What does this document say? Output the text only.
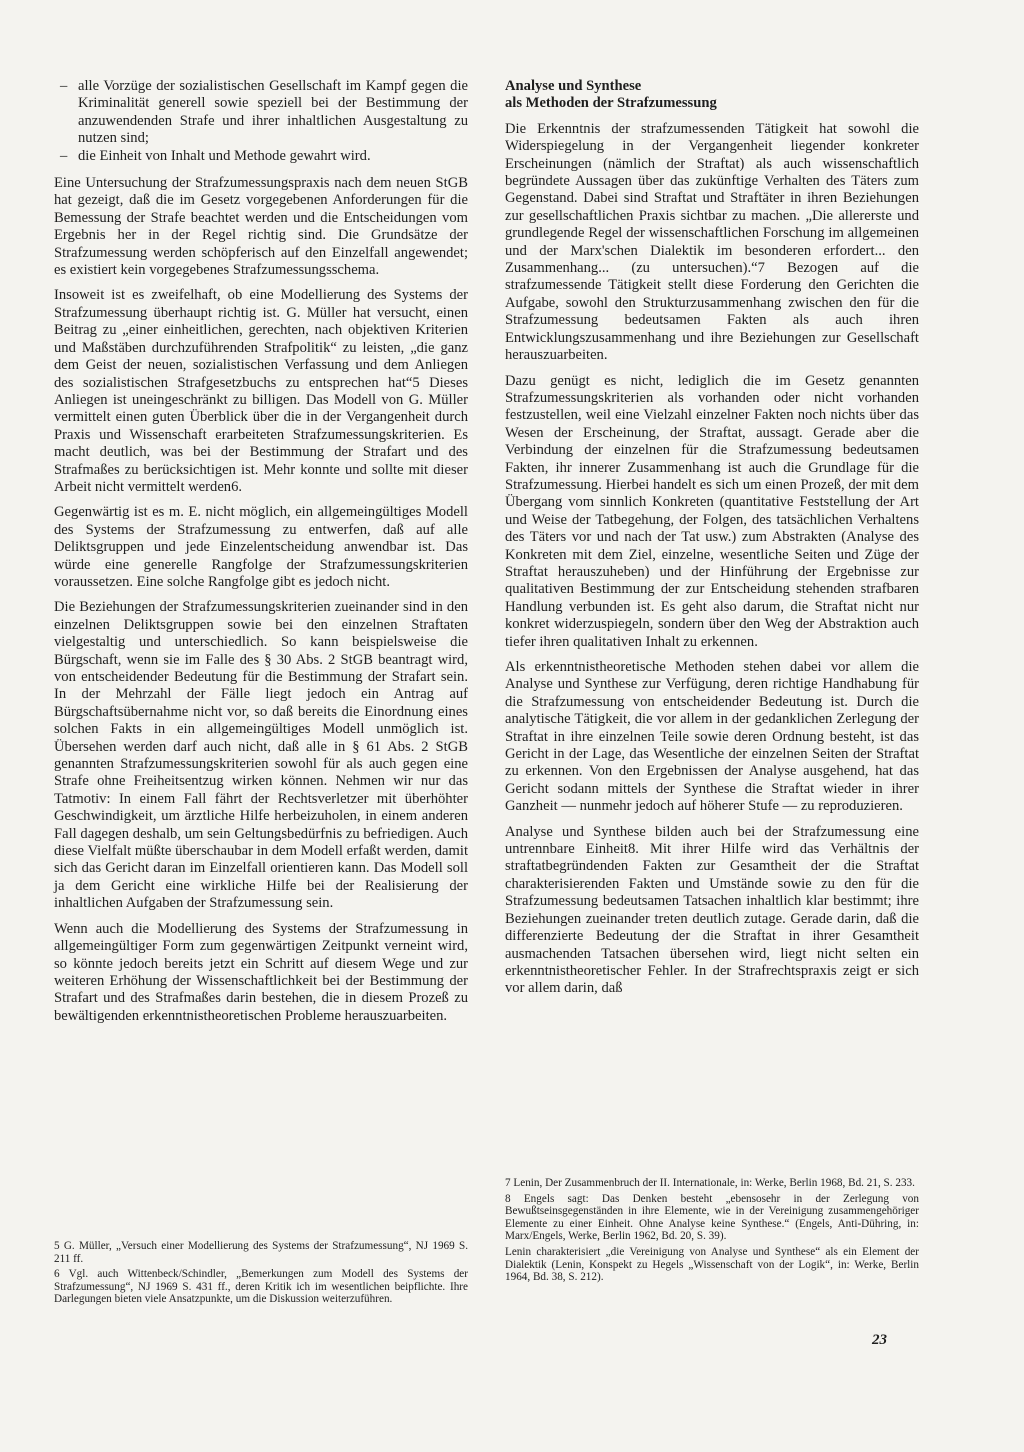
– alle Vorzüge der sozialistischen Gesellschaft im Kampf gegen die Kriminalität generell sowie speziell bei der Bestimmung der anzuwendenden Strafe und ihrer inhaltlichen Ausgestaltung zu nutzen sind;
– die Einheit von Inhalt und Methode gewahrt wird.

Eine Untersuchung der Strafzumessungspraxis nach dem neuen StGB hat gezeigt, daß die im Gesetz vorgegebenen Anforderungen für die Bemessung der Strafe beachtet werden und die Entscheidungen vom Ergebnis her in der Regel richtig sind. Die Grundsätze der Strafzumessung werden schöpferisch auf den Einzelfall angewendet; es existiert kein vorgegebenes Strafzumessungsschema.

Insoweit ist es zweifelhaft, ob eine Modellierung des Systems der Strafzumessung überhaupt richtig ist. G. Müller hat versucht, einen Beitrag zu „einer einheitlichen, gerechten, nach objektiven Kriterien und Maßstäben durchzuführenden Strafpolitik“ zu leisten, „die ganz dem Geist der neuen, sozialistischen Verfassung und dem Anliegen des sozialistischen Strafgesetzbuchs zu entsprechen hat“5 Dieses Anliegen ist uneingeschränkt zu billigen. Das Modell von G. Müller vermittelt einen guten Überblick über die in der Vergangenheit durch Praxis und Wissenschaft erarbeiteten Strafzumessungskriterien. Es macht deutlich, was bei der Bestimmung der Strafart und des Strafmaßes zu berücksichtigen ist. Mehr konnte und sollte mit dieser Arbeit nicht vermittelt werden6.

Gegenwärtig ist es m. E. nicht möglich, ein allgemeingültiges Modell des Systems der Strafzumessung zu entwerfen, daß auf alle Deliktsgruppen und jede Einzelentscheidung anwendbar ist. Das würde eine generelle Rangfolge der Strafzumessungskriterien voraussetzen. Eine solche Rangfolge gibt es jedoch nicht.

Die Beziehungen der Strafzumessungskriterien zueinander sind in den einzelnen Deliktsgruppen sowie bei den einzelnen Straftaten vielgestaltig und unterschiedlich. So kann beispielsweise die Bürgschaft, wenn sie im Falle des § 30 Abs. 2 StGB beantragt wird, von entscheidender Bedeutung für die Bestimmung der Strafart sein. In der Mehrzahl der Fälle liegt jedoch ein Antrag auf Bürgschaftsübernahme nicht vor, so daß bereits die Einordnung eines solchen Fakts in ein allgemeingültiges Modell unmöglich ist. Übersehen werden darf auch nicht, daß alle in § 61 Abs. 2 StGB genannten Strafzumessungskriterien sowohl für als auch gegen eine Strafe ohne Freiheitsentzug wirken können. Nehmen wir nur das Tatmotiv: In einem Fall fährt der Rechtsverletzer mit überhöhter Geschwindigkeit, um ärztliche Hilfe herbeizuholen, in einem anderen Fall dagegen deshalb, um sein Geltungsbedürfnis zu befriedigen. Auch diese Vielfalt müßte überschaubar in dem Modell erfaßt werden, damit sich das Gericht daran im Einzelfall orientieren kann. Das Modell soll ja dem Gericht eine wirkliche Hilfe bei der Realisierung der inhaltlichen Aufgaben der Strafzumessung sein.

Wenn auch die Modellierung des Systems der Strafzumessung in allgemeingültiger Form zum gegenwärtigen Zeitpunkt verneint wird, so könnte jedoch bereits jetzt ein Schritt auf diesem Wege und zur weiteren Erhöhung der Wissenschaftlichkeit bei der Bestimmung der Strafart und des Strafmaßes darin bestehen, die in diesem Prozeß zu bewältigenden erkenntnistheoretischen Probleme herauszuarbeiten.

5 G. Müller, „Versuch einer Modellierung des Systems der Strafzumessung“, NJ 1969 S. 211 ff.

6 Vgl. auch Wittenbeck/Schindler, „Bemerkungen zum Modell des Systems der Strafzumessung“, NJ 1969 S. 431 ff., deren Kritik ich im wesentlichen beipflichte. Ihre Darlegungen bieten viele Ansatzpunkte, um die Diskussion weiterzuführen.

Analyse und Synthese
als Methoden der Strafzumessung

Die Erkenntnis der strafzumessenden Tätigkeit hat sowohl die Widerspiegelung in der Vergangenheit liegender konkreter Erscheinungen (nämlich der Straftat) als auch wissenschaftlich begründete Aussagen über das zukünftige Verhalten des Täters zum Gegenstand. Dabei sind Straftat und Straftäter in ihren Beziehungen zur gesellschaftlichen Praxis sichtbar zu machen. „Die allererste und grundlegende Regel der wissenschaftlichen Forschung im allgemeinen und der Marx'schen Dialektik im besonderen erfordert... den Zusammenhang... (zu untersuchen).“7 Bezogen auf die strafzumessende Tätigkeit stellt diese Forderung den Gerichten die Aufgabe, sowohl den Strukturzusammenhang zwischen den für die Strafzumessung bedeutsamen Fakten als auch ihren Entwicklungszusammenhang und ihre Beziehungen zur Gesellschaft herauszuarbeiten.

Dazu genügt es nicht, lediglich die im Gesetz genannten Strafzumessungskriterien als vorhanden oder nicht vorhanden festzustellen, weil eine Vielzahl einzelner Fakten noch nichts über das Wesen der Erscheinung, der Straftat, aussagt. Gerade aber die Verbindung der einzelnen für die Strafzumessung bedeutsamen Fakten, ihr innerer Zusammenhang ist auch die Grundlage für die Strafzumessung. Hierbei handelt es sich um einen Prozeß, der mit dem Übergang vom sinnlich Konkreten (quantitative Feststellung der Art und Weise der Tatbegehung, der Folgen, des tatsächlichen Verhaltens des Täters vor und nach der Tat usw.) zum Abstrakten (Analyse des Konkreten mit dem Ziel, einzelne, wesentliche Seiten und Züge der Straftat herauszuheben) und der Hinführung der Ergebnisse zur qualitativen Bestimmung der zur Entscheidung stehenden strafbaren Handlung verbunden ist. Es geht also darum, die Straftat nicht nur konkret widerzuspiegeln, sondern über den Weg der Abstraktion auch tiefer ihren qualitativen Inhalt zu erkennen.

Als erkenntnistheoretische Methoden stehen dabei vor allem die Analyse und Synthese zur Verfügung, deren richtige Handhabung für die Strafzumessung von entscheidender Bedeutung ist. Durch die analytische Tätigkeit, die vor allem in der gedanklichen Zerlegung der Straftat in ihre einzelnen Teile sowie deren Ordnung besteht, ist das Gericht in der Lage, das Wesentliche der einzelnen Seiten der Straftat zu erkennen. Von den Ergebnissen der Analyse ausgehend, hat das Gericht sodann mittels der Synthese die Straftat wieder in ihrer Ganzheit — nunmehr jedoch auf höherer Stufe — zu reproduzieren.

Analyse und Synthese bilden auch bei der Strafzumessung eine untrennbare Einheit8. Mit ihrer Hilfe wird das Verhältnis der straftatbegründenden Fakten zur Gesamtheit der die Straftat charakterisierenden Fakten und Umstände sowie zu den für die Strafzumessung bedeutsamen Tatsachen inhaltlich klar bestimmt; ihre Beziehungen zueinander treten deutlich zutage. Gerade darin, daß die differenzierte Bedeutung der die Straftat in ihrer Gesamtheit ausmachenden Tatsachen übersehen wird, liegt nicht selten ein erkenntnistheoretischer Fehler. In der Strafrechtspraxis zeigt er sich vor allem darin, daß

7 Lenin, Der Zusammenbruch der II. Internationale, in: Werke, Berlin 1968, Bd. 21, S. 233.

8 Engels sagt: Das Denken besteht „ebensosehr in der Zerlegung von Bewußtseinsgegenständen in ihre Elemente, wie in der Vereinigung zusammengehöriger Elemente zu einer Einheit. Ohne Analyse keine Synthese.“ (Engels, Anti-Dühring, in: Marx/Engels, Werke, Berlin 1962, Bd. 20, S. 39).

Lenin charakterisiert „die Vereinigung von Analyse und Synthese“ als ein Element der Dialektik (Lenin, Konspekt zu Hegels „Wissenschaft von der Logik“, in: Werke, Berlin 1964, Bd. 38, S. 212).

23
